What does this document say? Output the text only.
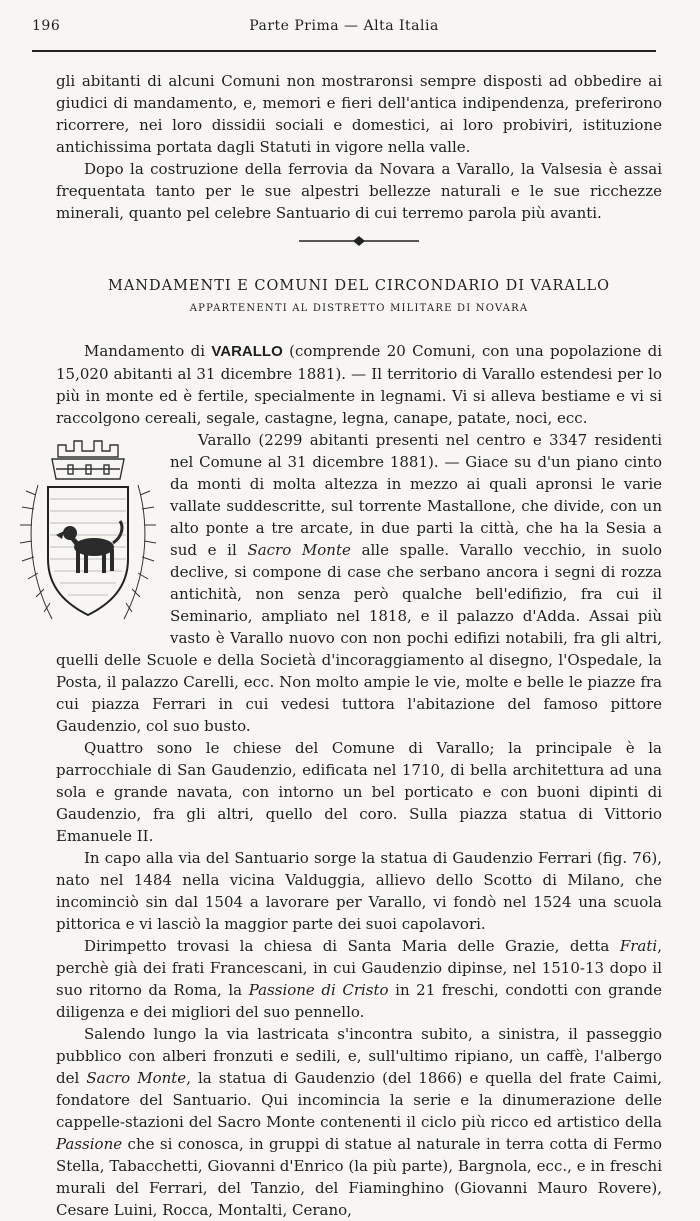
196	Parte Prima — Alta Italia

gli abitanti di alcuni Comuni non mostraronsi sempre disposti ad obbedire ai giudici di mandamento, e, memori e fieri dell'antica indipendenza, preferirono ricorrere, nei loro dissidii sociali e domestici, ai loro probiviri, istituzione antichissima portata dagli Statuti in vigore nella valle.

Dopo la costruzione della ferrovia da Novara a Varallo, la Valsesia è assai frequentata tanto per le sue alpestri bellezze naturali e le sue ricchezze minerali, quanto pel celebre Santuario di cui terremo parola più avanti.

MANDAMENTI E COMUNI DEL CIRCONDARIO DI VARALLO
APPARTENENTI AL DISTRETTO MILITARE DI NOVARA

Mandamento di VARALLO (comprende 20 Comuni, con una popolazione di 15,020 abitanti al 31 dicembre 1881). — Il territorio di Varallo estendesi per lo più in monte ed è fertile, specialmente in legnami. Vi si alleva bestiame e vi si raccolgono cereali, segale, castagne, legna, canape, patate, noci, ecc.

Varallo (2299 abitanti presenti nel centro e 3347 residenti nel Comune al 31 dicembre 1881). — Giace su d'un piano cinto da monti di molta altezza in mezzo ai quali apronsi le varie vallate suddescritte, sul torrente Mastallone, che divide, con un alto ponte a tre arcate, in due parti la città, che ha la Sesia a sud e il Sacro Monte alle spalle. Varallo vecchio, in suolo declive, si compone di case che serbano ancora i segni di rozza antichità, non senza però qualche bell'edifizio, fra cui il Seminario, ampliato nel 1818, e il palazzo d'Adda. Assai più vasto è Varallo nuovo con non pochi edifizi notabili, fra gli altri, quelli delle Scuole e della Società d'incoraggiamento al disegno, l'Ospedale, la Posta, il palazzo Carelli, ecc. Non molto ampie le vie, molte e belle le piazze fra cui piazza Ferrari in cui vedesi tuttora l'abitazione del famoso pittore Gaudenzio, col suo busto.

Quattro sono le chiese del Comune di Varallo; la principale è la parrocchiale di San Gaudenzio, edificata nel 1710, di bella architettura ad una sola e grande navata, con intorno un bel porticato e con buoni dipinti di Gaudenzio, fra gli altri, quello del coro. Sulla piazza statua di Vittorio Emanuele II.

In capo alla via del Santuario sorge la statua di Gaudenzio Ferrari (fig. 76), nato nel 1484 nella vicina Valduggia, allievo dello Scotto di Milano, che incominciò sin dal 1504 a lavorare per Varallo, vi fondò nel 1524 una scuola pittorica e vi lasciò la maggior parte dei suoi capolavori.

Dirimpetto trovasi la chiesa di Santa Maria delle Grazie, detta Frati, perchè già dei frati Francescani, in cui Gaudenzio dipinse, nel 1510-13 dopo il suo ritorno da Roma, la Passione di Cristo in 21 freschi, condotti con grande diligenza e dei migliori del suo pennello.

Salendo lungo la via lastricata s'incontra subito, a sinistra, il passeggio pubblico con alberi fronzuti e sedili, e, sull'ultimo ripiano, un caffè, l'albergo del Sacro Monte, la statua di Gaudenzio (del 1866) e quella del frate Caimi, fondatore del Santuario. Qui incomincia la serie e la dinumerazione delle cappelle-stazioni del Sacro Monte contenenti il ciclo più ricco ed artistico della Passione che si conosca, in gruppi di statue al naturale in terra cotta di Fermo Stella, Tabacchetti, Giovanni d'Enrico (la più parte), Bargnola, ecc., e in freschi murali del Ferrari, del Tanzio, del Fiaminghino (Giovanni Mauro Rovere), Cesare Luini, Rocca, Montalti, Cerano,
